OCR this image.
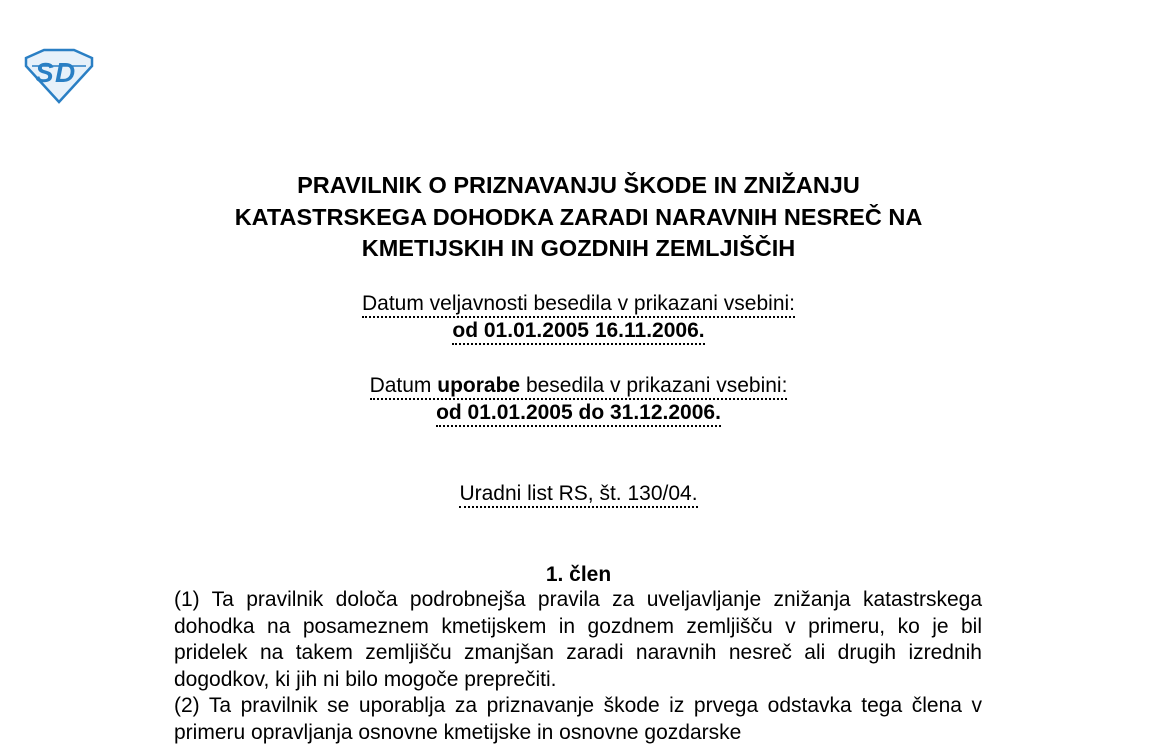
S D
PRAVILNIK O PRIZNAVANJU ŠKODE IN ZNIŽANJU
KATASTRSKEGA DOHODKA ZARADI NARAVNIH NESREČ NA
KMETIJSKIH IN GOZDNIH ZEMLJIŠČIH
Datum veljavnosti besedila v prikazani vsebini:
od 01.01.2005 16.11.2006.
Datum uporabe besedila v prikazani vsebini:
od 01.01.2005 do 31.12.2006.
Uradni list RS, št. 130/04.
1. člen

(1) Ta pravilnik določa podrobnejša pravila za uveljavljanje znižanja katastrskega dohodka na posameznem kmetijskem in gozdnem zemljišču v primeru, ko je bil pridelek na takem zemljišču zmanjšan zaradi naravnih nesreč ali drugih izrednih dogodkov, ki jih ni bilo mogoče preprečiti.

(2) Ta pravilnik se uporablja za priznavanje škode iz prvega odstavka tega člena v primeru opravljanja osnovne kmetijske in osnovne gozdarske
